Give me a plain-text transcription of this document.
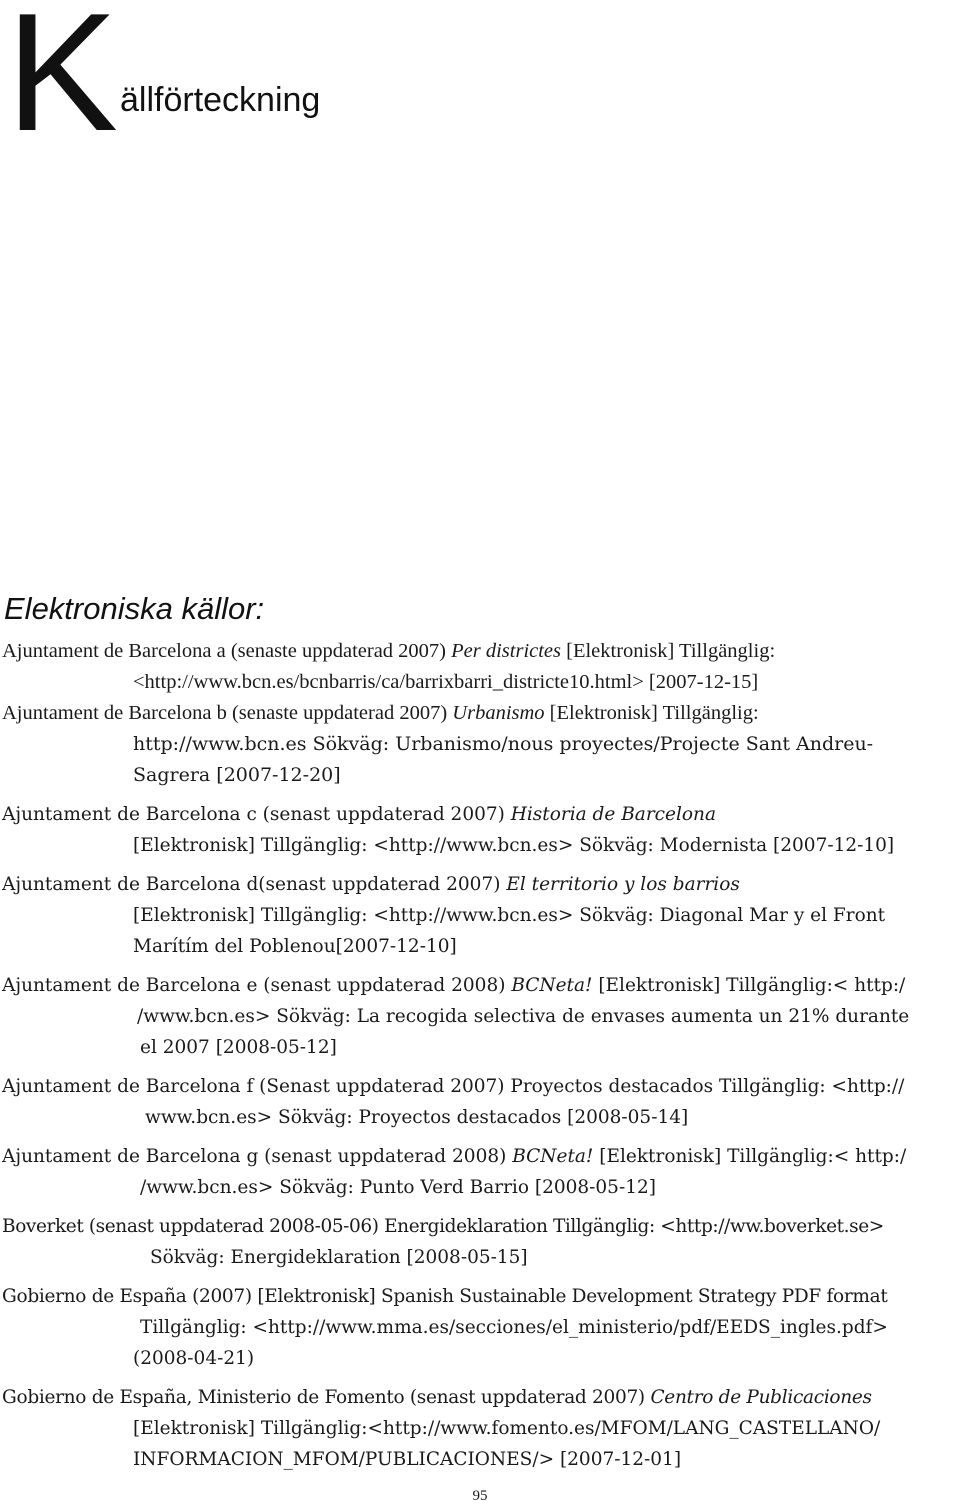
K ällförteckning
Elektroniska källor:
Ajuntament de Barcelona a (senaste uppdaterad 2007) Per districtes [Elektronisk] Tillgänglig:
<http://www.bcn.es/bcnbarris/ca/barrixbarri_districte10.html> [2007-12-15]
Ajuntament de Barcelona b (senaste uppdaterad 2007) Urbanismo [Elektronisk] Tillgänglig:
http://www.bcn.es Sökväg: Urbanismo/nous proyectes/Projecte Sant Andreu-
Sagrera [2007-12-20]
Ajuntament de Barcelona c (senast uppdaterad 2007) Historia de Barcelona
[Elektronisk] Tillgänglig: <http://www.bcn.es> Sökväg: Modernista [2007-12-10]
Ajuntament de Barcelona d(senast uppdaterad 2007) El territorio y los barrios
[Elektronisk] Tillgänglig: <http://www.bcn.es> Sökväg: Diagonal Mar y el Front
Marítím del Poblenou[2007-12-10]
Ajuntament de Barcelona e (senast uppdaterad 2008) BCNeta! [Elektronisk] Tillgänglig:< http:/
/www.bcn.es> Sökväg: La recogida selectiva de envases aumenta un 21% durante
el 2007 [2008-05-12]
Ajuntament de Barcelona f (Senast uppdaterad 2007) Proyectos destacados Tillgänglig: <http://
www.bcn.es> Sökväg: Proyectos destacados [2008-05-14]
Ajuntament de Barcelona g (senast uppdaterad 2008) BCNeta! [Elektronisk] Tillgänglig:< http:/
/www.bcn.es> Sökväg: Punto Verd Barrio [2008-05-12]
Boverket (senast uppdaterad 2008-05-06) Energideklaration Tillgänglig: <http://ww.boverket.se>
Sökväg: Energideklaration [2008-05-15]
Gobierno de España (2007) [Elektronisk] Spanish Sustainable Development Strategy PDF format
Tillgänglig: <http://www.mma.es/secciones/el_ministerio/pdf/EEDS_ingles.pdf>
(2008-04-21)
Gobierno de España, Ministerio de Fomento (senast uppdaterad 2007) Centro de Publicaciones
[Elektronisk] Tillgänglig:<http://www.fomento.es/MFOM/LANG_CASTELLANO/
INFORMACION_MFOM/PUBLICACIONES/> [2007-12-01]
95
